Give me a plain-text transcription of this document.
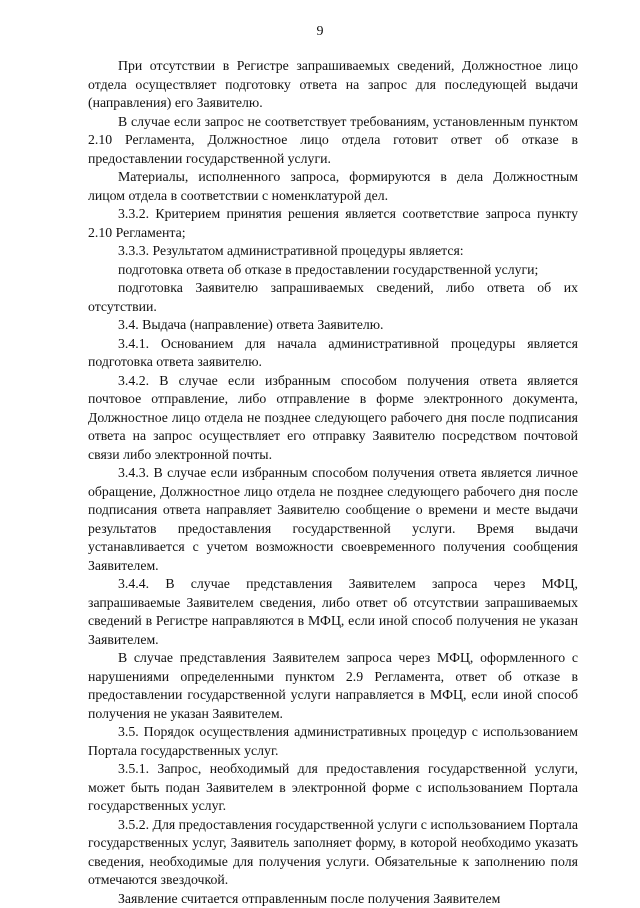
9

При отсутствии в Регистре запрашиваемых сведений, Должностное лицо отдела осуществляет подготовку ответа на запрос для последующей выдачи (направления) его Заявителю.

В случае если запрос не соответствует требованиям, установленным пунктом 2.10 Регламента, Должностное лицо отдела готовит ответ об отказе в предоставлении государственной услуги.

Материалы, исполненного запроса, формируются в дела Должностным лицом отдела в соответствии с номенклатурой дел.

3.3.2. Критерием принятия решения является соответствие запроса пункту 2.10 Регламента;

3.3.3. Результатом административной процедуры является:

подготовка ответа об отказе в предоставлении государственной услуги;

подготовка Заявителю запрашиваемых сведений, либо ответа об их отсутствии.

3.4. Выдача (направление) ответа Заявителю.

3.4.1. Основанием для начала административной процедуры является подготовка ответа заявителю.

3.4.2. В случае если избранным способом получения ответа является почтовое отправление, либо отправление в форме электронного документа, Должностное лицо отдела не позднее следующего рабочего дня после подписания ответа на запрос осуществляет его отправку Заявителю посредством почтовой связи либо электронной почты.

3.4.3. В случае если избранным способом получения ответа является личное обращение, Должностное лицо отдела не позднее следующего рабочего дня после подписания ответа направляет Заявителю сообщение о времени и месте выдачи результатов предоставления государственной услуги. Время выдачи устанавливается с учетом возможности своевременного получения сообщения Заявителем.

3.4.4. В случае представления Заявителем запроса через МФЦ, запрашиваемые Заявителем сведения, либо ответ об отсутствии запрашиваемых сведений в Регистре направляются в МФЦ, если иной способ получения не указан Заявителем.

В случае представления Заявителем запроса через МФЦ, оформленного с нарушениями определенными пунктом 2.9 Регламента, ответ об отказе в предоставлении государственной услуги направляется в МФЦ, если иной способ получения не указан Заявителем.

3.5. Порядок осуществления административных процедур с использованием Портала государственных услуг.

3.5.1. Запрос, необходимый для предоставления государственной услуги, может быть подан Заявителем в электронной форме с использованием Портала государственных услуг.

3.5.2. Для предоставления государственной услуги с использованием Портала государственных услуг, Заявитель заполняет форму, в которой необходимо указать сведения, необходимые для получения услуги. Обязательные к заполнению поля отмечаются звездочкой.

Заявление считается отправленным после получения Заявителем
